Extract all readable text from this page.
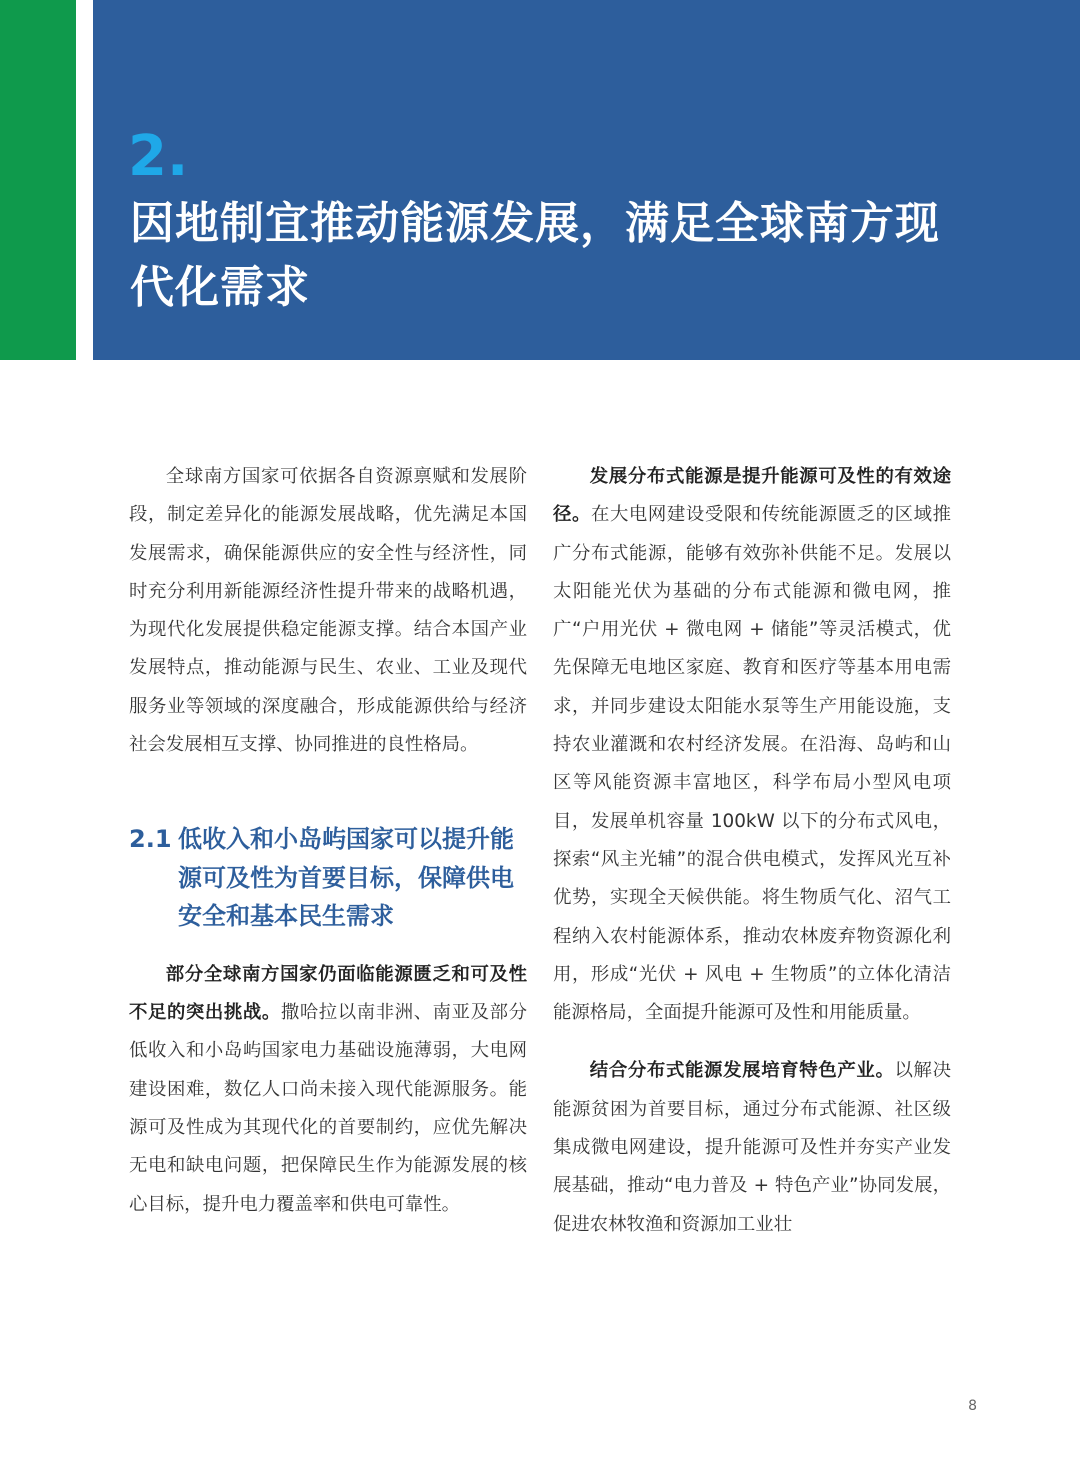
2.
因地制宜推动能源发展，满足全球南方现代化需求

全球南方国家可依据各自资源禀赋和发展阶段，制定差异化的能源发展战略，优先满足本国发展需求，确保能源供应的安全性与经济性，同时充分利用新能源经济性提升带来的战略机遇，为现代化发展提供稳定能源支撑。结合本国产业发展特点，推动能源与民生、农业、工业及现代服务业等领域的深度融合，形成能源供给与经济社会发展相互支撑、协同推进的良性格局。

2.1 低收入和小岛屿国家可以提升能源可及性为首要目标，保障供电安全和基本民生需求

部分全球南方国家仍面临能源匮乏和可及性不足的突出挑战。撒哈拉以南非洲、南亚及部分低收入和小岛屿国家电力基础设施薄弱，大电网建设困难，数亿人口尚未接入现代能源服务。能源可及性成为其现代化的首要制约，应优先解决无电和缺电问题，把保障民生作为能源发展的核心目标，提升电力覆盖率和供电可靠性。

发展分布式能源是提升能源可及性的有效途径。在大电网建设受限和传统能源匮乏的区域推广分布式能源，能够有效弥补供能不足。发展以太阳能光伏为基础的分布式能源和微电网，推广“户用光伏 + 微电网 + 储能”等灵活模式，优先保障无电地区家庭、教育和医疗等基本用电需求，并同步建设太阳能水泵等生产用能设施，支持农业灌溉和农村经济发展。在沿海、岛屿和山区等风能资源丰富地区，科学布局小型风电项目，发展单机容量 100kW 以下的分布式风电，探索“风主光辅”的混合供电模式，发挥风光互补优势，实现全天候供能。将生物质气化、沼气工程纳入农村能源体系，推动农林废弃物资源化利用，形成“光伏 + 风电 + 生物质”的立体化清洁能源格局，全面提升能源可及性和用能质量。

结合分布式能源发展培育特色产业。以解决能源贫困为首要目标，通过分布式能源、社区级集成微电网建设，提升能源可及性并夯实产业发展基础，推动“电力普及 + 特色产业”协同发展，促进农林牧渔和资源加工业壮

8
